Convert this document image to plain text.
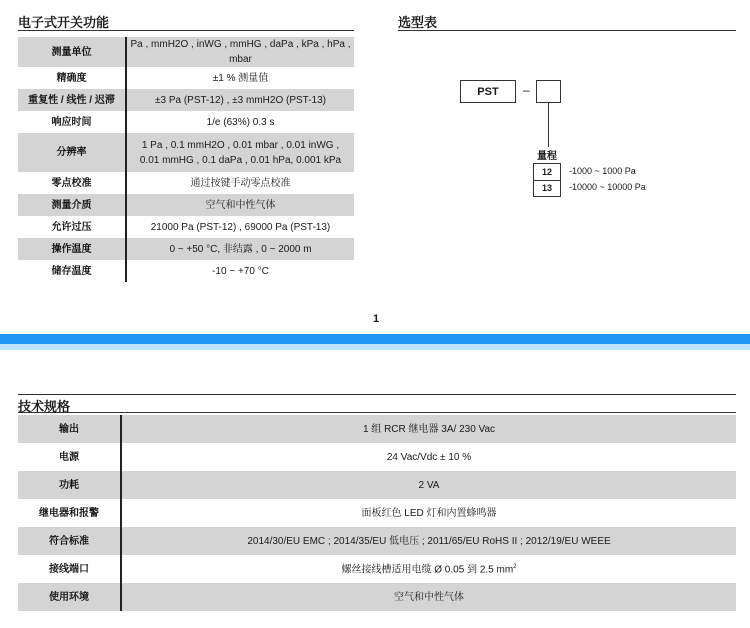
电子式开关功能
测量单位	Pa , mmH2O , inWG , mmHG , daPa , kPa , hPa , mbar
精确度	±1 % 测量值
重复性 / 线性 / 迟滞	±3 Pa (PST-12) , ±3 mmH2O (PST-13)
响应时间	1/e (63%) 0.3 s
分辨率	1 Pa , 0.1 mmH2O , 0.01 mbar , 0.01 inWG ,
0.01 mmHG , 0.1 daPa , 0.01 hPa, 0.001 kPa

零点校准	通过按键手动零点校准
测量介质	空气和中性气体
允许过压	21000 Pa (PST-12) , 69000 Pa (PST-13)
操作温度	0 ~ +50 °C, 非结露 , 0 ~ 2000 m
储存温度	-10 ~ +70 °C
选型表
PST	–
量程
12
13
-1000 ~ 1000 Pa
-10000 ~ 10000 Pa
1
技术规格
输出	1 组 RCR 继电器 3A/ 230 Vac
电源	24 Vac/Vdc ± 10 %
功耗	2 VA
继电器和报警	面板红色 LED 灯和内置蜂鸣器
符合标准	2014/30/EU EMC ; 2014/35/EU 低电压 ; 2011/65/EU RoHS II ; 2012/19/EU WEEE
接线端口	螺丝接线槽适用电缆 Ø 0.05 到 2.5 $mm^2$
使用环境	空气和中性气体
